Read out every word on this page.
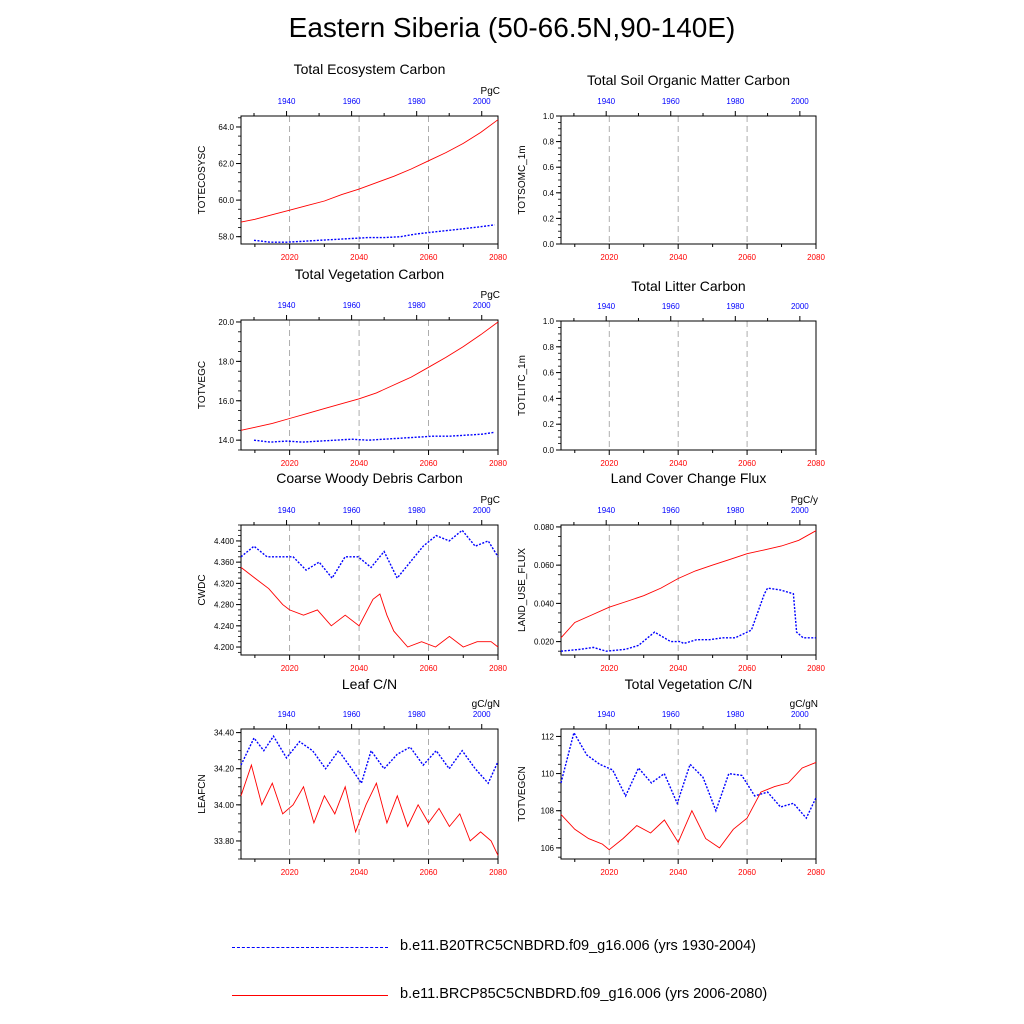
Eastern Siberia (50-66.5N,90-140E)
Total Ecosystem Carbon
PgC
2020	2040	2060	2080
1940	1960	1980	2000
58.0
60.0
62.0
64.0
TOTECOSYSC
Total Soil Organic Matter Carbon
2020	2040	2060	2080
1940	1960	1980	2000
0.0
0.2
0.4
0.6
0.8
1.0
TOTSOMC_1m
Total Vegetation Carbon
PgC
2020	2040	2060	2080
1940	1960	1980	2000
14.0
16.0
18.0
20.0
TOTVEGC
Total Litter Carbon
2020	2040	2060	2080
1940	1960	1980	2000
0.0
0.2
0.4
0.6
0.8
1.0
TOTLITC_1m
Coarse Woody Debris Carbon
PgC
2020	2040	2060	2080
1940	1960	1980	2000
4.200
4.240
4.280
4.320
4.360
4.400
CWDC
Land Cover Change Flux
PgC/y
2020	2040	2060	2080
1940	1960	1980	2000
0.020
0.040
0.060
0.080
LAND_USE_FLUX
Leaf C/N
gC/gN
2020	2040	2060	2080
1940	1960	1980	2000
33.80
34.00
34.20
34.40
LEAFCN
Total Vegetation C/N
gC/gN
2020	2040	2060	2080
1940	1960	1980	2000
106
108
110
112
TOTVEGCN
b.e11.B20TRC5CNBDRD.f09_g16.006 (yrs 1930-2004)
b.e11.BRCP85C5CNBDRD.f09_g16.006 (yrs 2006-2080)
